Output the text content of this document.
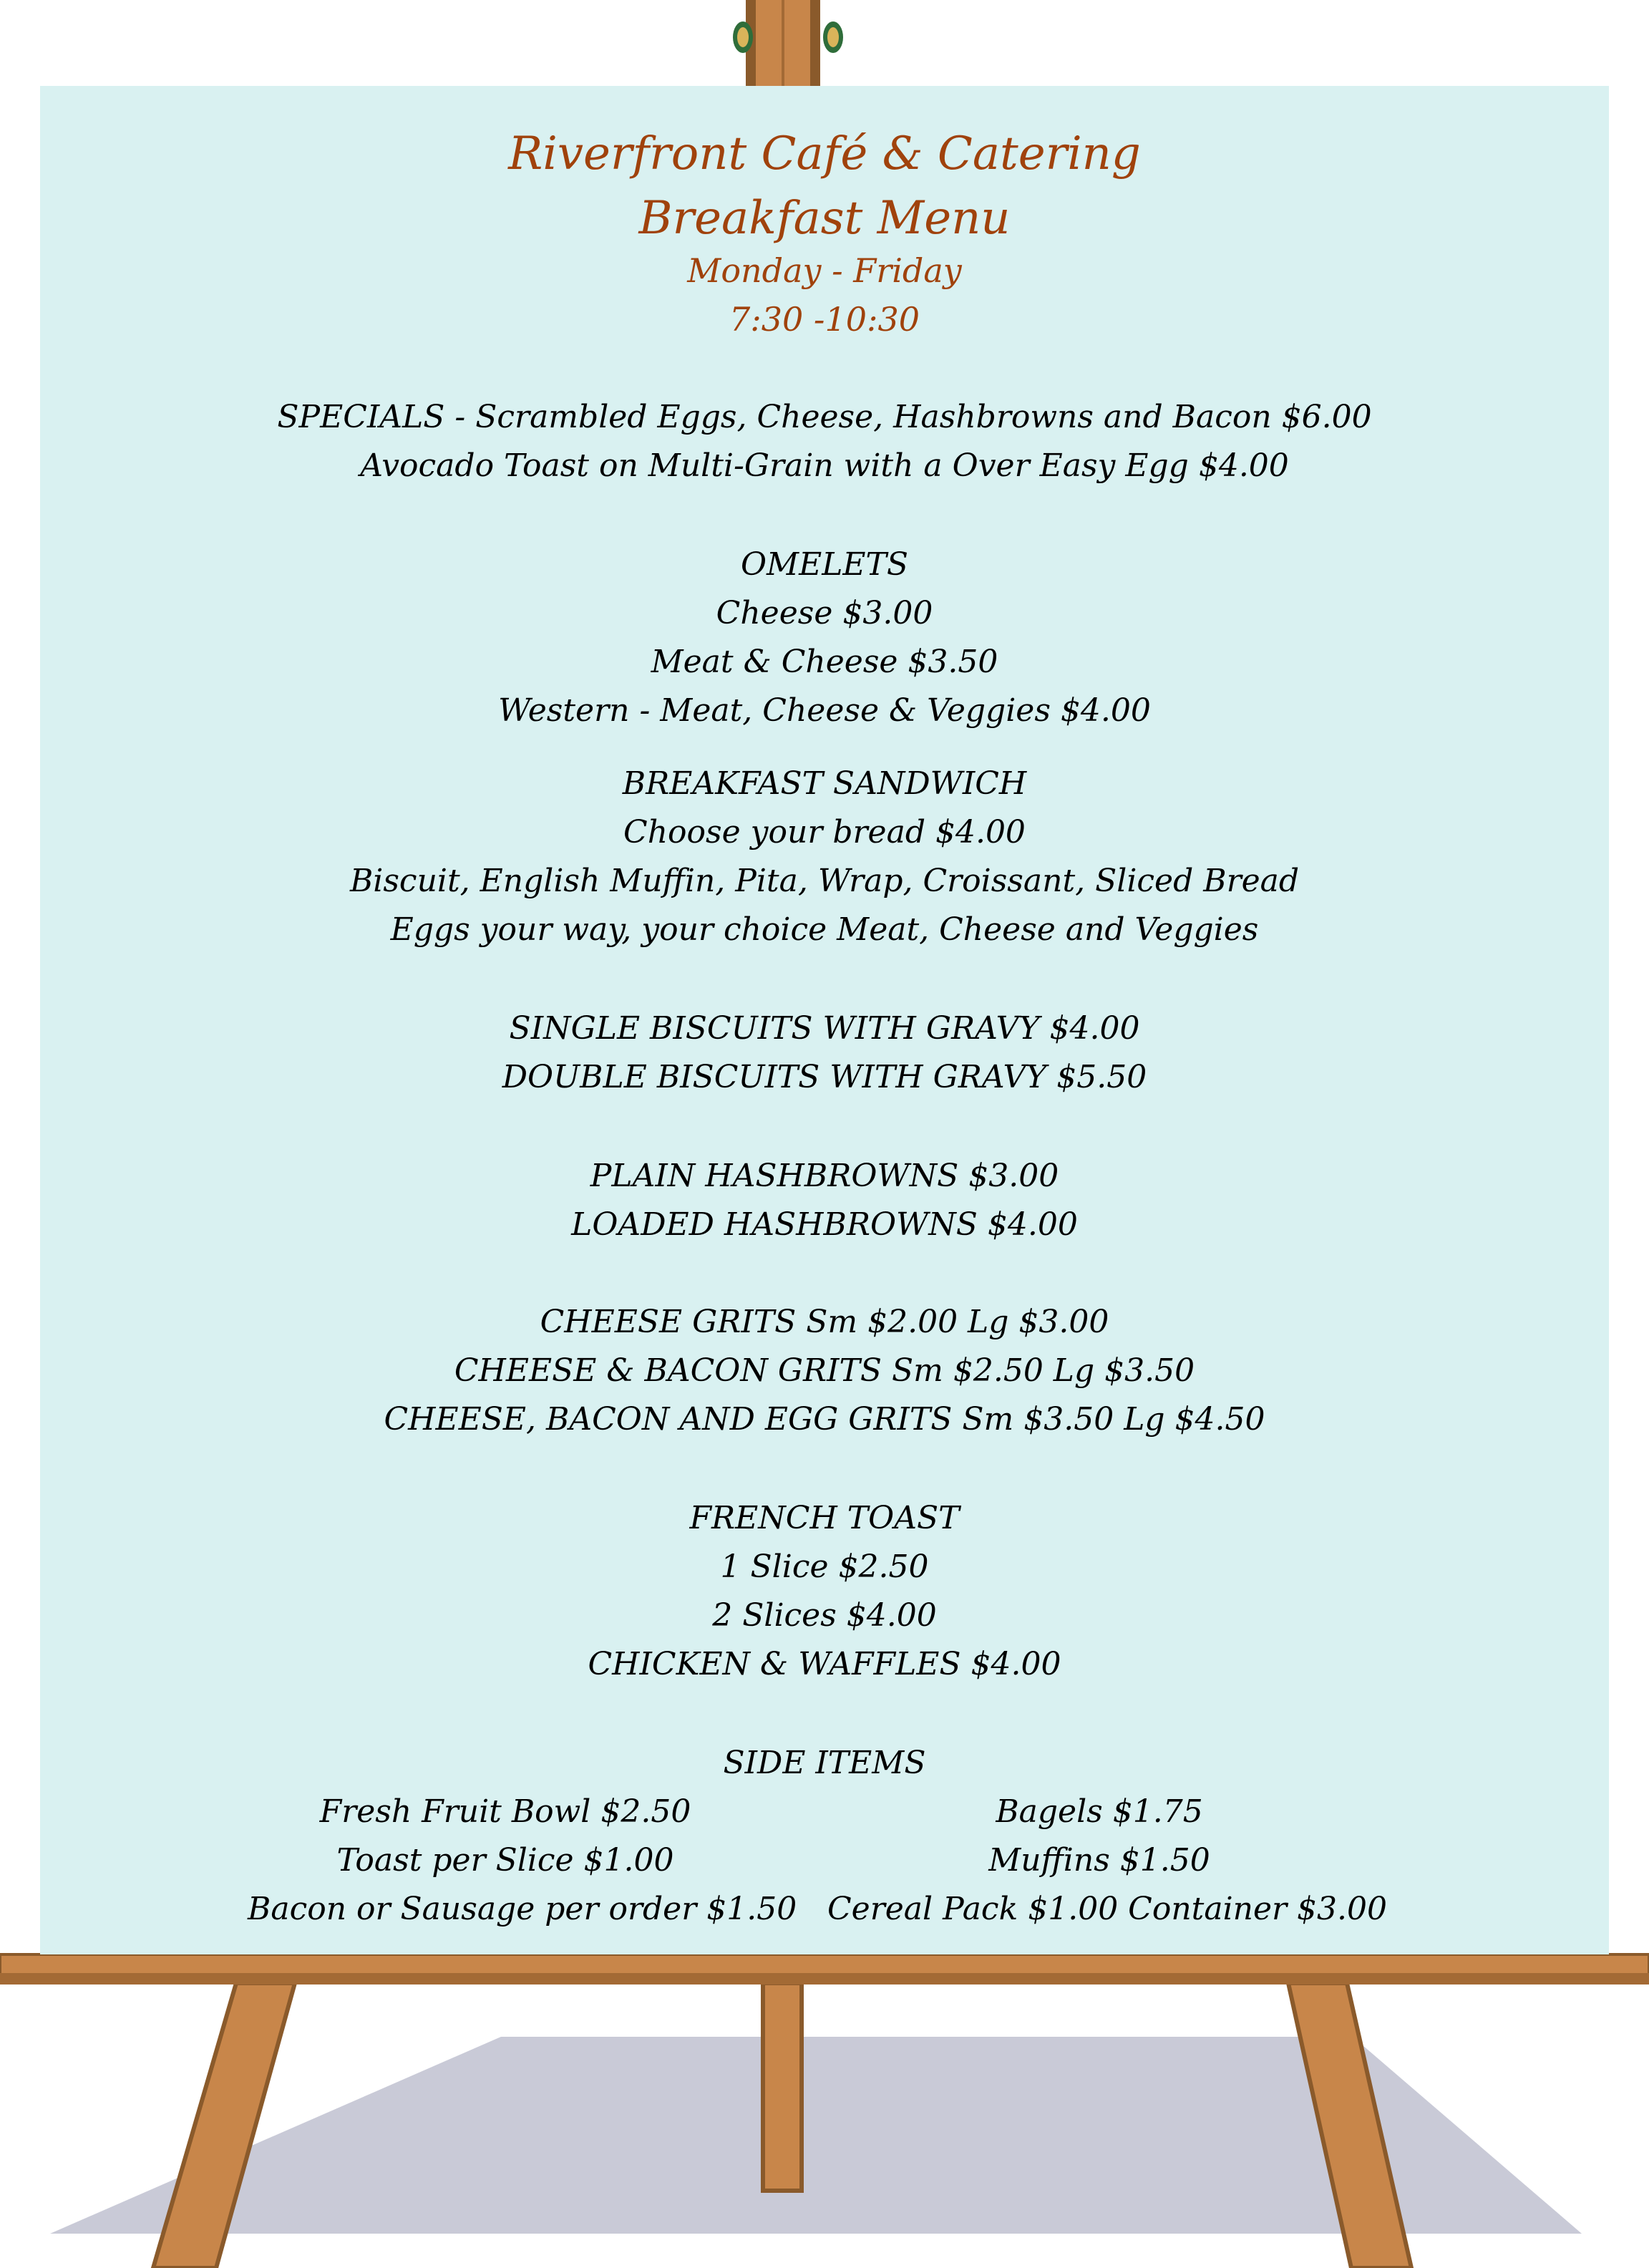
Riverfront Café & Catering
Breakfast Menu
Monday - Friday
7:30 -10:30
SPECIALS - Scrambled Eggs, Cheese, Hashbrowns and Bacon $6.00
Avocado Toast on Multi-Grain with a Over Easy Egg $4.00
OMELETS
Cheese $3.00
Meat & Cheese $3.50
Western - Meat, Cheese & Veggies $4.00
BREAKFAST SANDWICH
Choose your bread $4.00
Biscuit, English Muffin, Pita, Wrap, Croissant, Sliced Bread
Eggs your way, your choice Meat, Cheese and Veggies
SINGLE BISCUITS WITH GRAVY $4.00
DOUBLE BISCUITS WITH GRAVY $5.50
PLAIN HASHBROWNS $3.00
LOADED HASHBROWNS $4.00
CHEESE GRITS Sm $2.00 Lg $3.00
CHEESE & BACON GRITS Sm $2.50 Lg $3.50
CHEESE, BACON AND EGG GRITS Sm $3.50 Lg $4.50
FRENCH TOAST
1 Slice $2.50
2 Slices $4.00
CHICKEN & WAFFLES $4.00
SIDE ITEMS
Fresh Fruit Bowl $2.50
Toast per Slice $1.00
Bacon or Sausage per order $1.50
Bagels $1.75
Muffins $1.50
Cereal Pack $1.00 Container $3.00
